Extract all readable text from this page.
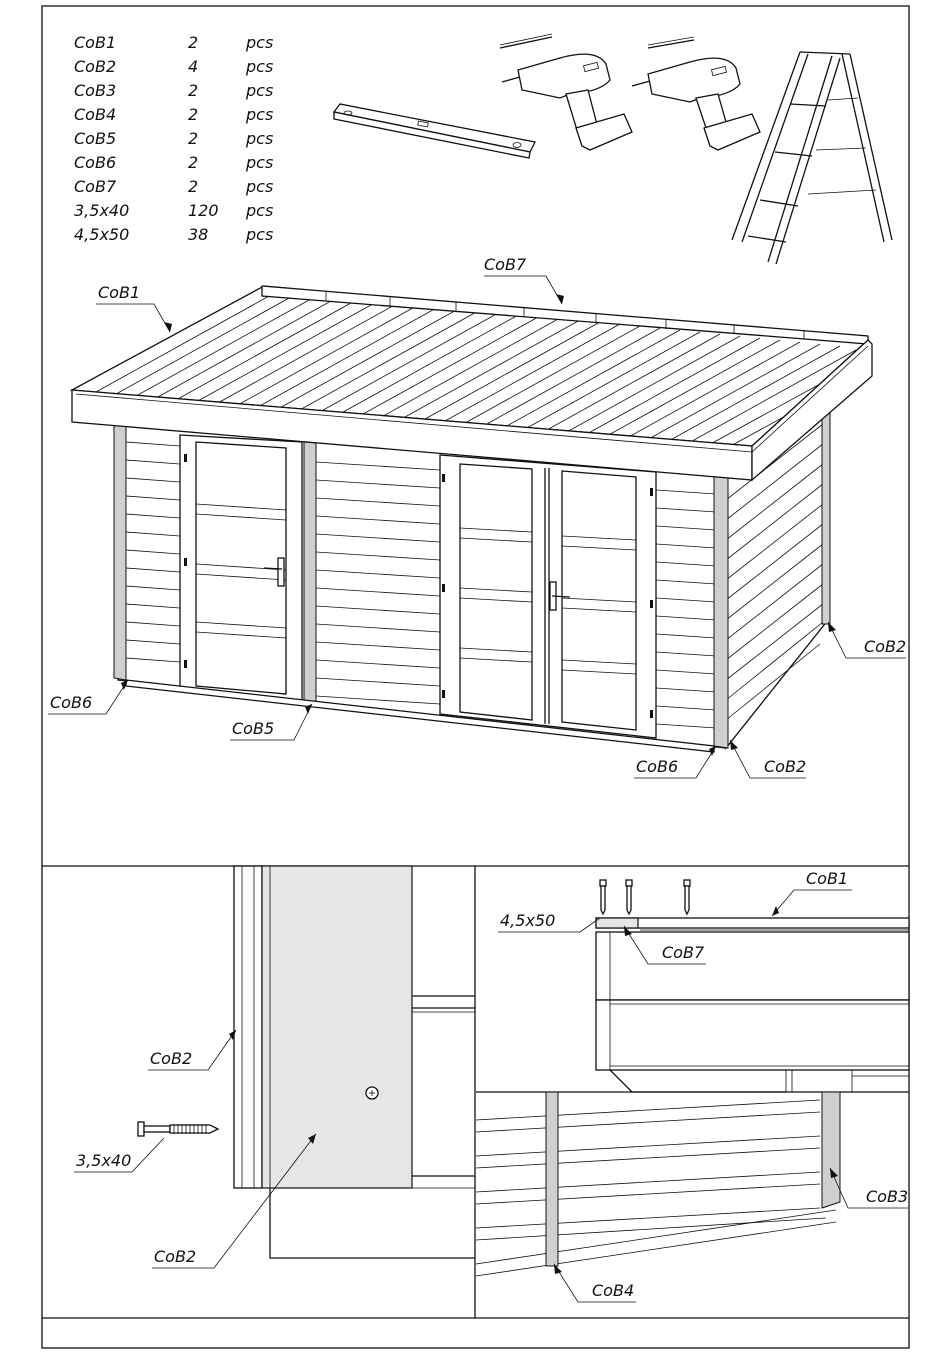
CoB1	2	pcs
CoB2	4	pcs
CoB3	2	pcs
CoB4	2	pcs
CoB5	2	pcs
CoB6	2	pcs
CoB7	2	pcs
3,5x40	120 pcs
4,5x50	38 pcs
CoB1
CoB7
CoB6
CoB5
CoB6	CoB2
CoB2
CoB2
3,5x40
CoB2
CoB1
4,5x50
CoB7
CoB3
CoB4
